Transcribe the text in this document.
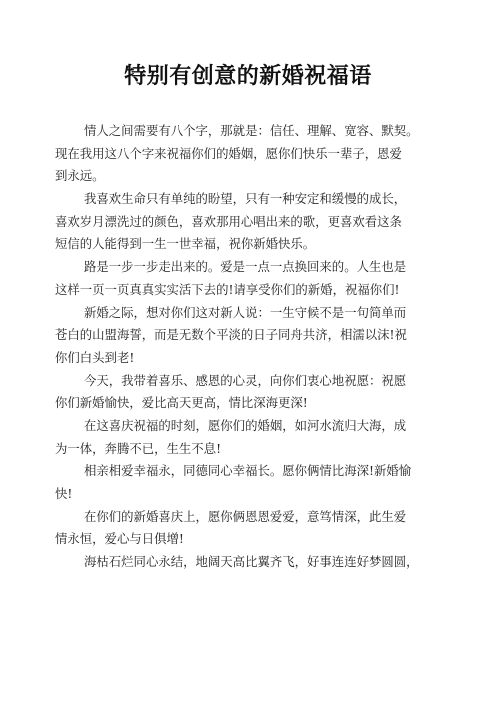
特别有创意的新婚祝福语
情人之间需要有八个字，那就是：信任、理解、宽容、默契。
现在我用这八个字来祝福你们的婚姻，愿你们快乐一辈子，恩爱
到永远。
我喜欢生命只有单纯的盼望，只有一种安定和缓慢的成长，
喜欢岁月漂洗过的颜色，喜欢那用心唱出来的歌，更喜欢看这条
短信的人能得到一生一世幸福，祝你新婚快乐。
路是一步一步走出来的。爱是一点一点换回来的。人生也是
这样一页一页真真实实活下去的!请享受你们的新婚，祝福你们!
新婚之际，想对你们这对新人说：一生守候不是一句简单而
苍白的山盟海誓，而是无数个平淡的日子同舟共济，相濡以沫!祝
你们白头到老!
今天，我带着喜乐、感恩的心灵，向你们衷心地祝愿：祝愿
你们新婚愉快，爱比高天更高，情比深海更深!
在这喜庆祝福的时刻，愿你们的婚姻，如河水流归大海，成
为一体，奔腾不已，生生不息!
相亲相爱幸福永，同德同心幸福长。愿你俩情比海深!新婚愉
快!
在你们的新婚喜庆上，愿你俩恩恩爱爱，意笃情深，此生爱
情永恒，爱心与日俱增!
海枯石烂同心永结，地阔天高比翼齐飞，好事连连好梦圆圆，
